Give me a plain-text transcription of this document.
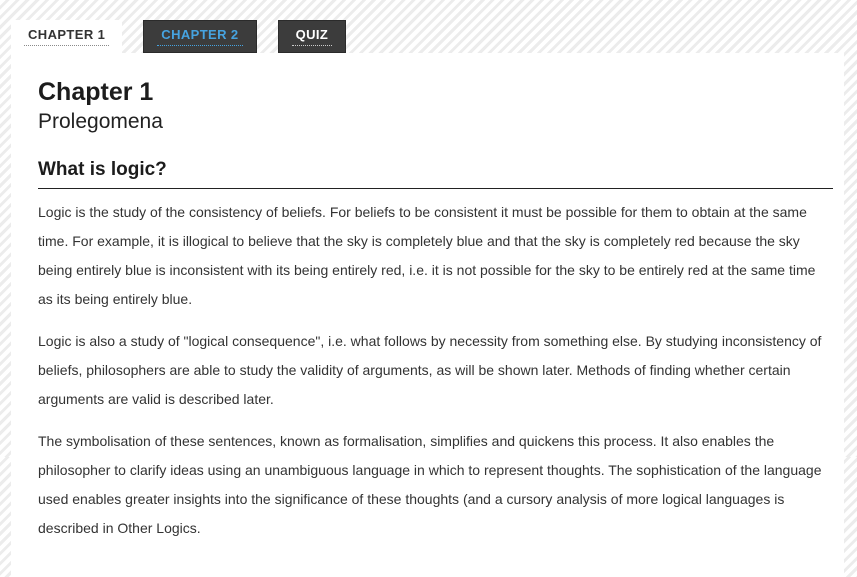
CHAPTER 1	CHAPTER 2	QUIZ
Chapter 1
Prolegomena
What is logic?

Logic is the study of the consistency of beliefs. For beliefs to be consistent it must be possible for them to obtain at the same time. For example, it is illogical to believe that the sky is completely blue and that the sky is completely red because the sky being entirely blue is inconsistent with its being entirely red, i.e. it is not possible for the sky to be entirely red at the same time as its being entirely blue.

Logic is also a study of "logical consequence", i.e. what follows by necessity from something else. By studying inconsistency of beliefs, philosophers are able to study the validity of arguments, as will be shown later. Methods of finding whether certain arguments are valid is described later.

The symbolisation of these sentences, known as formalisation, simplifies and quickens this process. It also enables the philosopher to clarify ideas using an unambiguous language in which to represent thoughts. The sophistication of the language used enables greater insights into the significance of these thoughts (and a cursory analysis of more logical languages is described in Other Logics.
